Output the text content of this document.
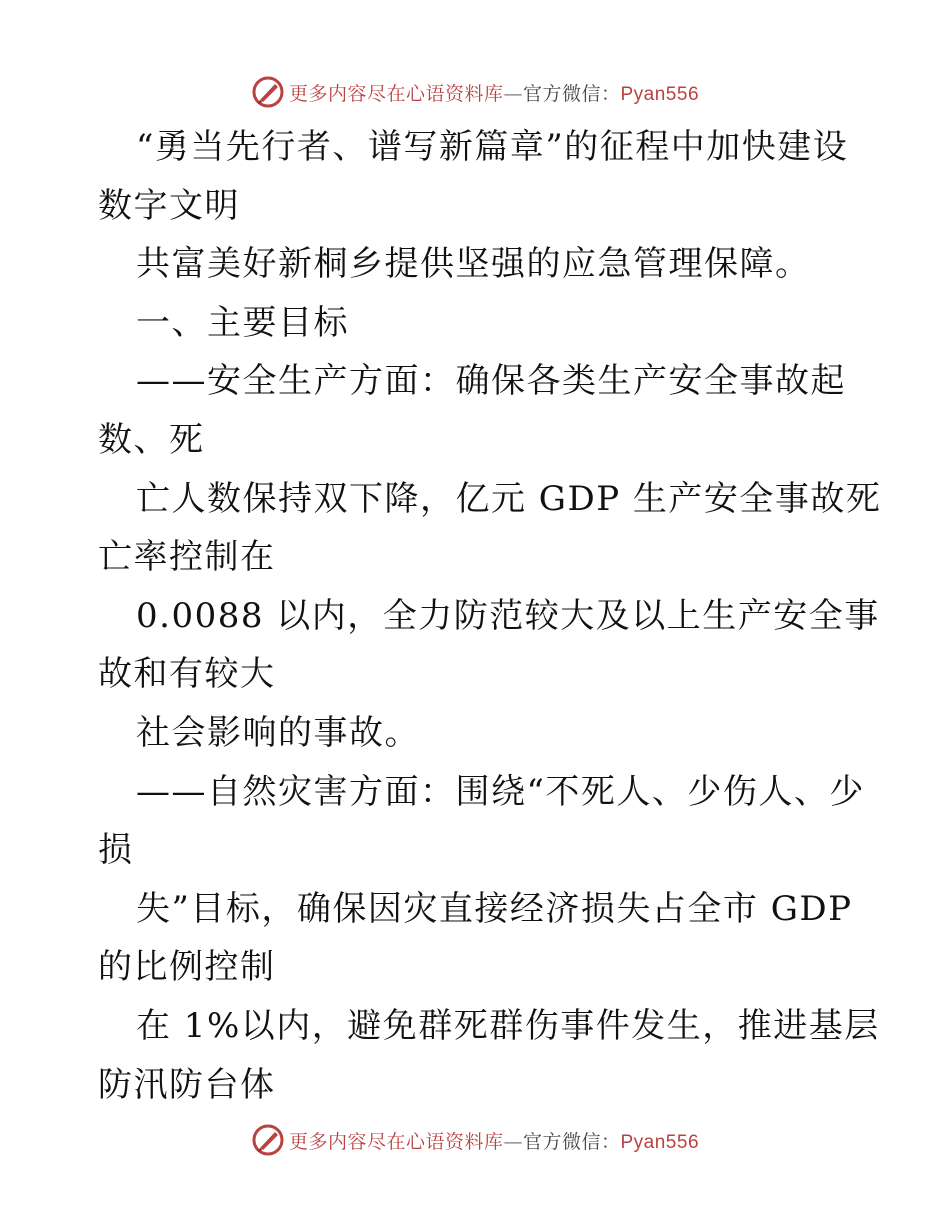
更多内容尽在心语资料库—官方微信：Pyan556
“勇当先行者、谱写新篇章”的征程中加快建设
数字文明
共富美好新桐乡提供坚强的应急管理保障。
一、主要目标
——安全生产方面：确保各类生产安全事故起
数、死
亡人数保持双下降，亿元 GDP 生产安全事故死
亡率控制在
0.0088 以内，全力防范较大及以上生产安全事
故和有较大
社会影响的事故。
——自然灾害方面：围绕“不死人、少伤人、少
损
失”目标，确保因灾直接经济损失占全市 GDP
的比例控制
在 1%以内，避免群死群伤事件发生，推进基层
防汛防台体
更多内容尽在心语资料库—官方微信：Pyan556
